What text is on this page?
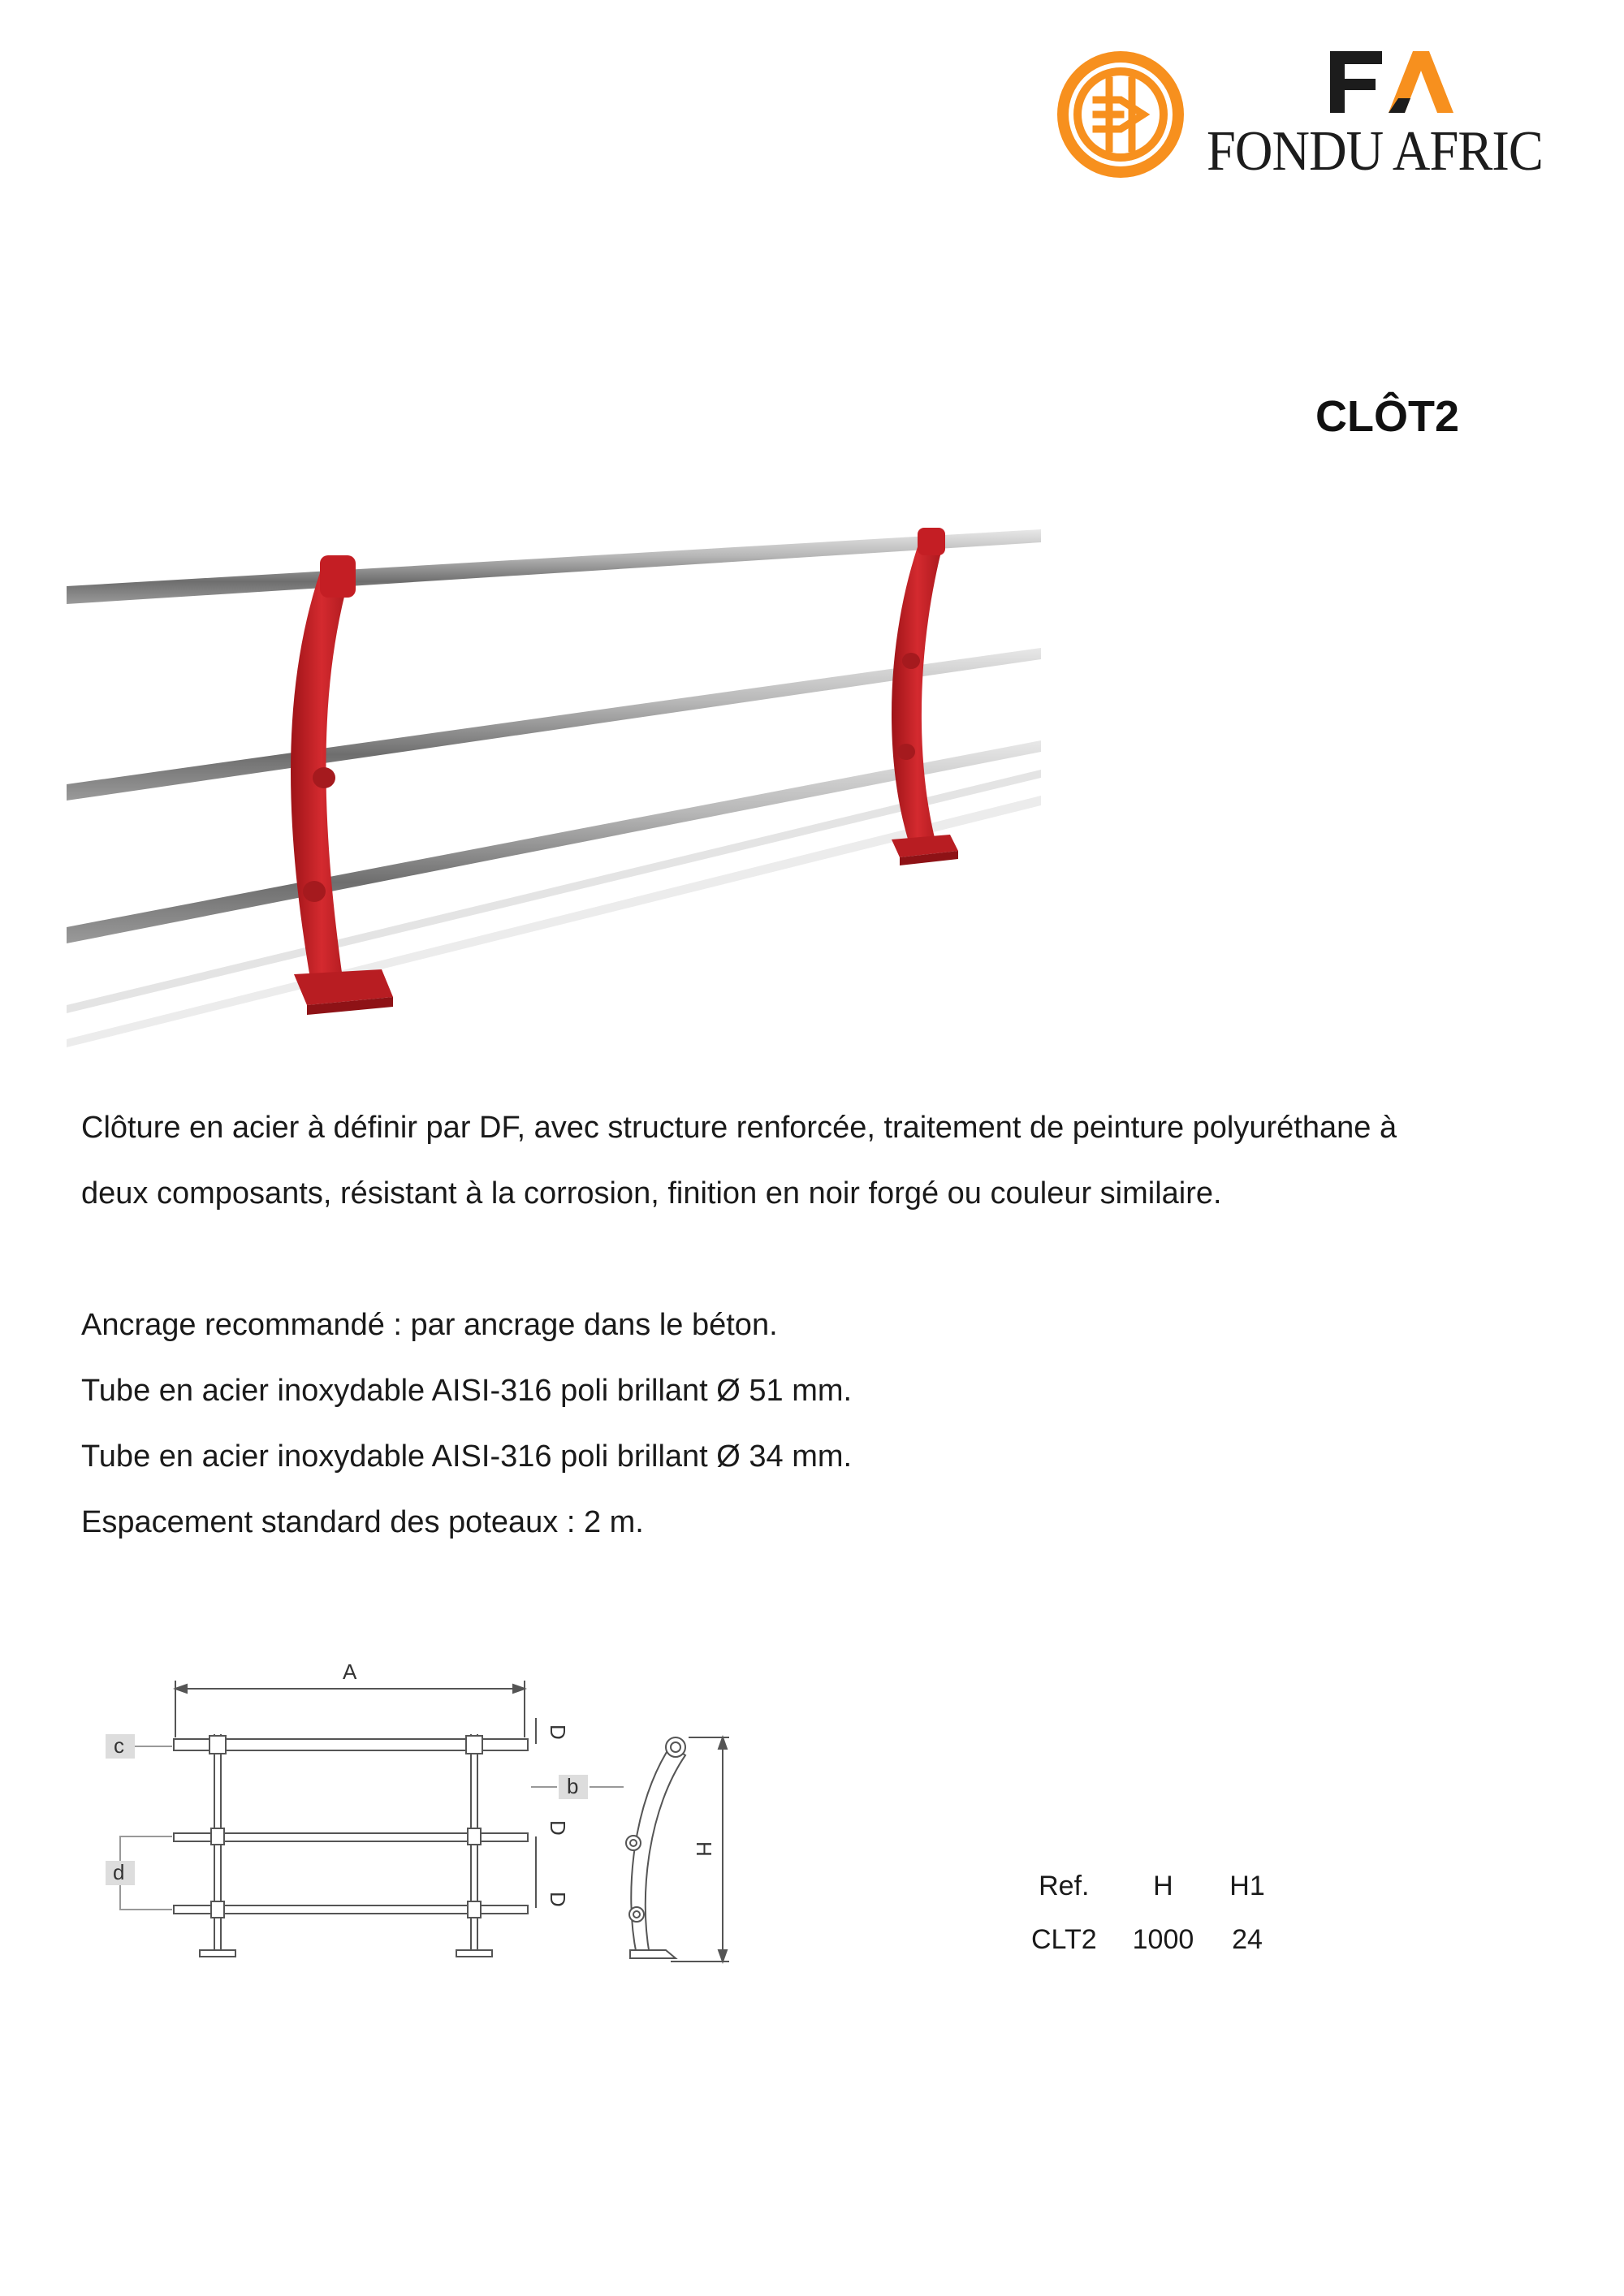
FONDU AFRIC
CLÔT2
Clôture en acier à définir par DF, avec structure renforcée, traitement de peinture polyuréthane à
deux composants, résistant à la corrosion, finition en noir forgé ou couleur similaire.
Ancrage recommandé : par ancrage dans le béton.
Tube en acier inoxydable AISI-316 poli brillant Ø 51 mm.
Tube en acier inoxydable AISI-316 poli brillant Ø 34 mm.
Espacement standard des poteaux : 2 m.
A
c
d
D
D
D
b
H
Ref.	H	H1
CLT2	1000	24
